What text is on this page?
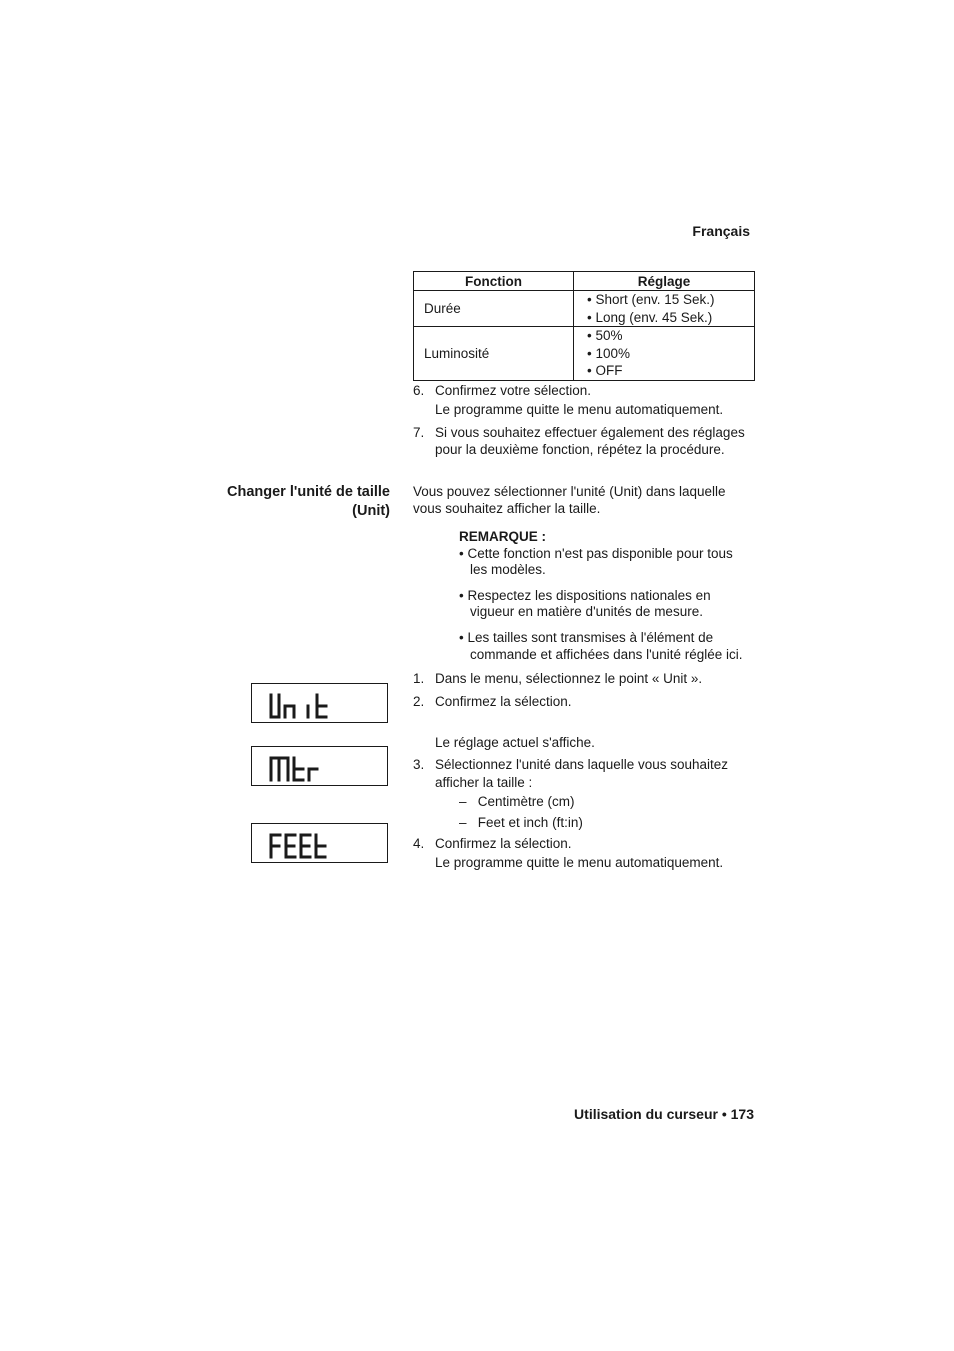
Français
Fonction	Réglage
Durée	• Short (env. 15 Sek.)
• Long (env. 45 Sek.)

Luminosité	• 50%
• 100%
• OFF
6. Confirmez votre sélection.
Le programme quitte le menu automatiquement.
7. Si vous souhaitez effectuer également des réglages
pour la deuxième fonction, répétez la procédure.
Changer l'unité de taille
(Unit)
Vous pouvez sélectionner l'unité (Unit) dans laquelle
vous souhaitez afficher la taille.
REMARQUE :
• Cette fonction n'est pas disponible pour tous
les modèles.
• Respectez les dispositions nationales en
vigueur en matière d'unités de mesure.
• Les tailles sont transmises à l'élément de
commande et affichées dans l'unité réglée ici.
1. Dans le menu, sélectionnez le point « Unit ».
2. Confirmez la sélection.
Le réglage actuel s'affiche.
3. Sélectionnez l'unité dans laquelle vous souhaitez
afficher la taille :
– Centimètre (cm)
– Feet et inch (ft:in)
4. Confirmez la sélection.
Le programme quitte le menu automatiquement.
Utilisation du curseur • 173
